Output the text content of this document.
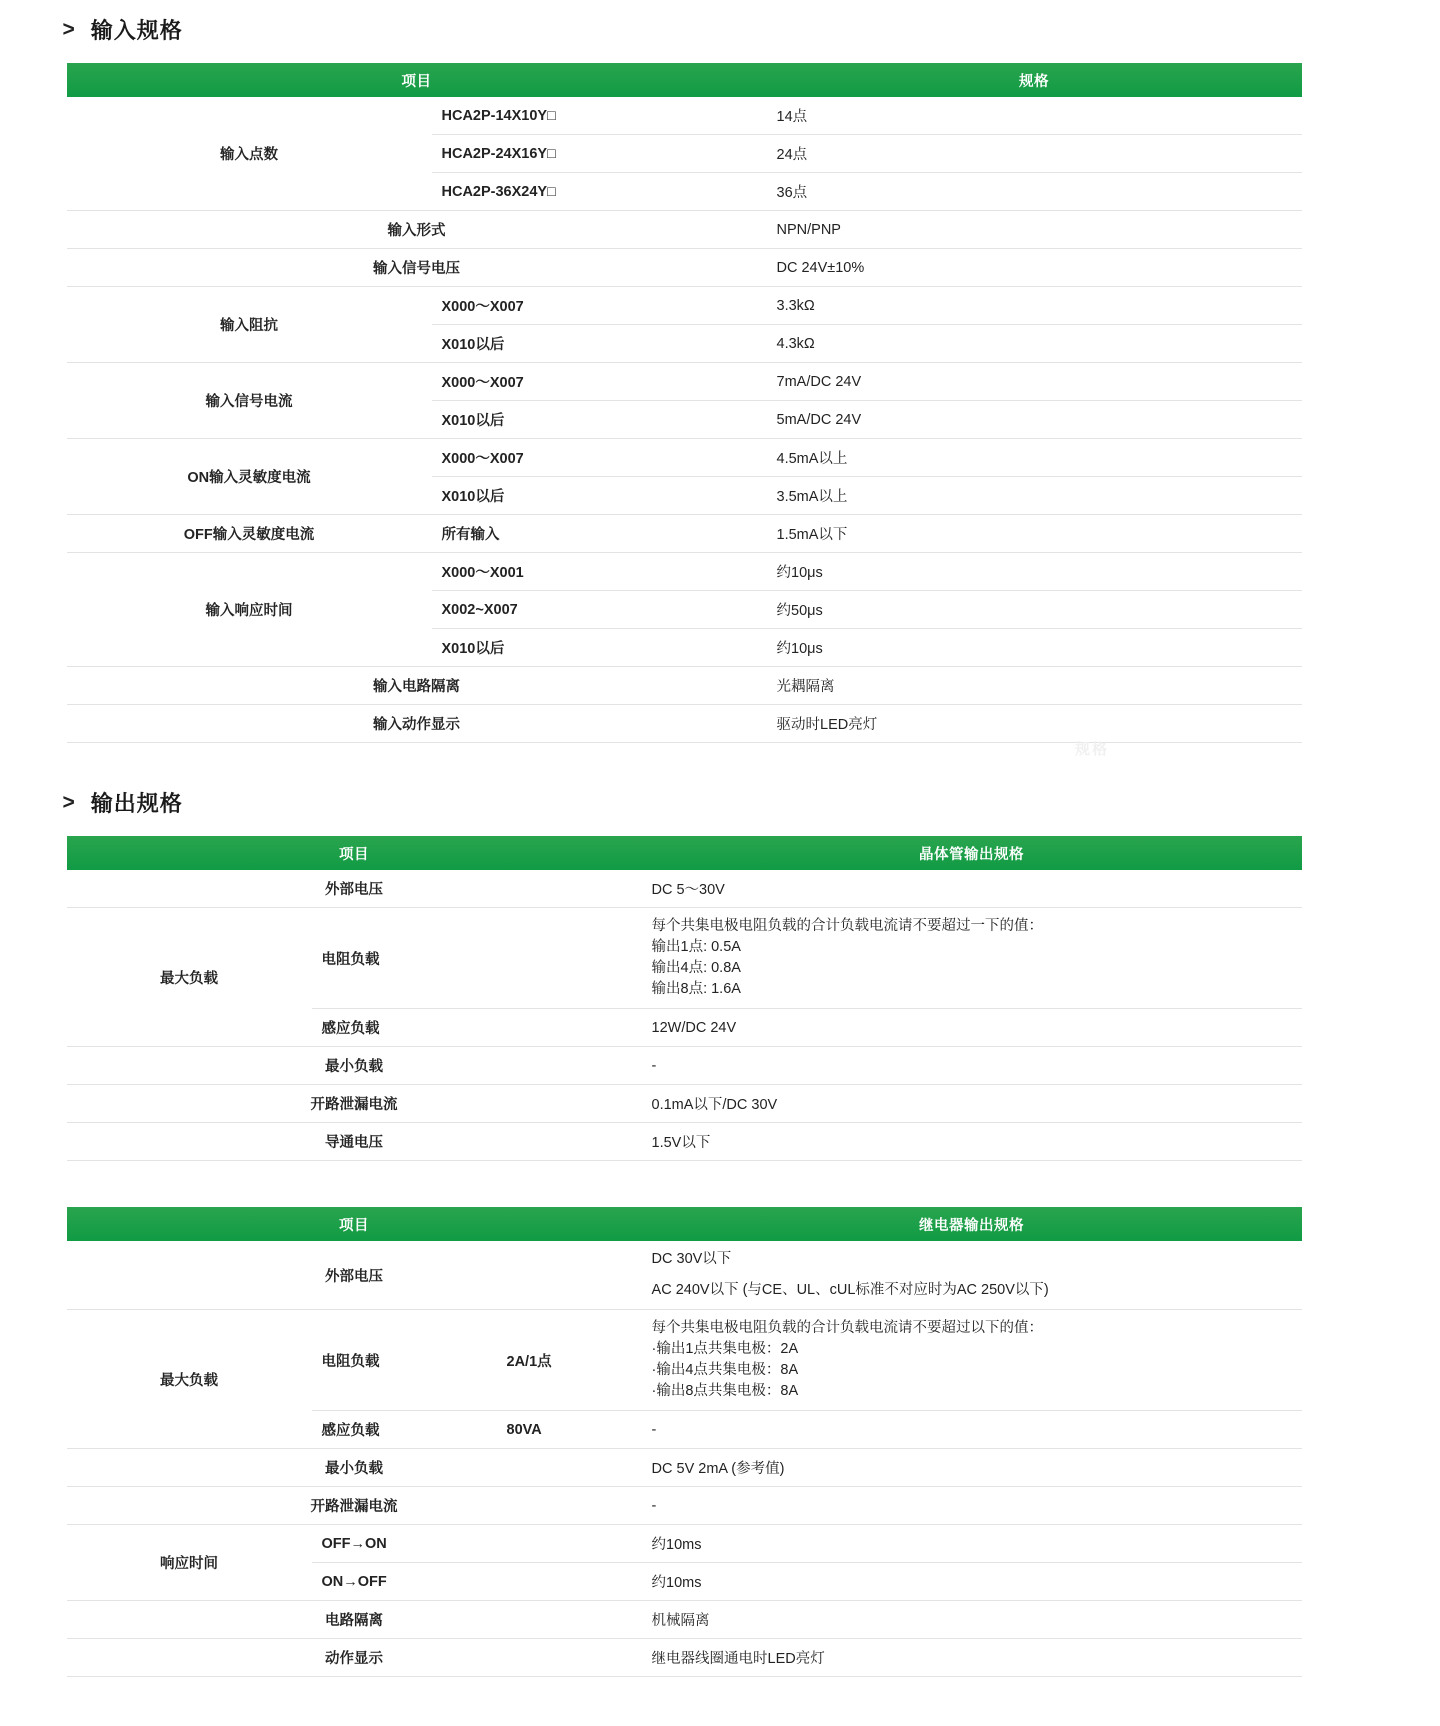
> 输入规格
项目		规格
输入点数	HCA2P-14X10Y□	14点
	HCA2P-24X16Y□	24点
	HCA2P-36X24Y□	36点
输入形式		NPN/PNP
输入信号电压		DC 24V±10%
输入阻抗	X000～X007	3.3kΩ
	X010以后	4.3kΩ
输入信号电流	X000～X007	7mA/DC 24V
	X010以后	5mA/DC 24V
ON输入灵敏度电流	X000～X007	4.5mA以上
	X010以后	3.5mA以上
OFF输入灵敏度电流	所有输入	1.5mA以下
输入响应时间	X000～X001	约10μs
	X002~X007	约50μs
	X010以后	约10μs
输入电路隔离		光耦隔离
输入动作显示		驱动时LED亮灯
> 输出规格
项目		晶体管输出规格
外部电压		DC 5～30V
最大负载	电阻负载	每个共集电极电阻负载的合计负载电流请不要超过一下的值：
输出1点: 0.5A
输出4点: 0.8A
输出8点: 1.6A

	感应负载	12W/DC 24V
最小负载		-
开路泄漏电流		0.1mA以下/DC 30V
导通电压		1.5V以下
项目			继电器输出规格
外部电压			DC 30V以下
AC 240V以下 (与CE、UL、cUL标准不对应时为AC 250V以下)

最大负载	电阻负载	2A/1点	每个共集电极电阻负载的合计负载电流请不要超过以下的值：
·输出1点共集电极：2A
·输出4点共集电极：8A
·输出8点共集电极：8A

	感应负载	80VA	-
最小负载			DC 5V 2mA (参考值)
开路泄漏电流			-
响应时间	OFF→ON		约10ms
	ON→OFF		约10ms
电路隔离			机械隔离
动作显示			继电器线圈通电时LED亮灯
规格
